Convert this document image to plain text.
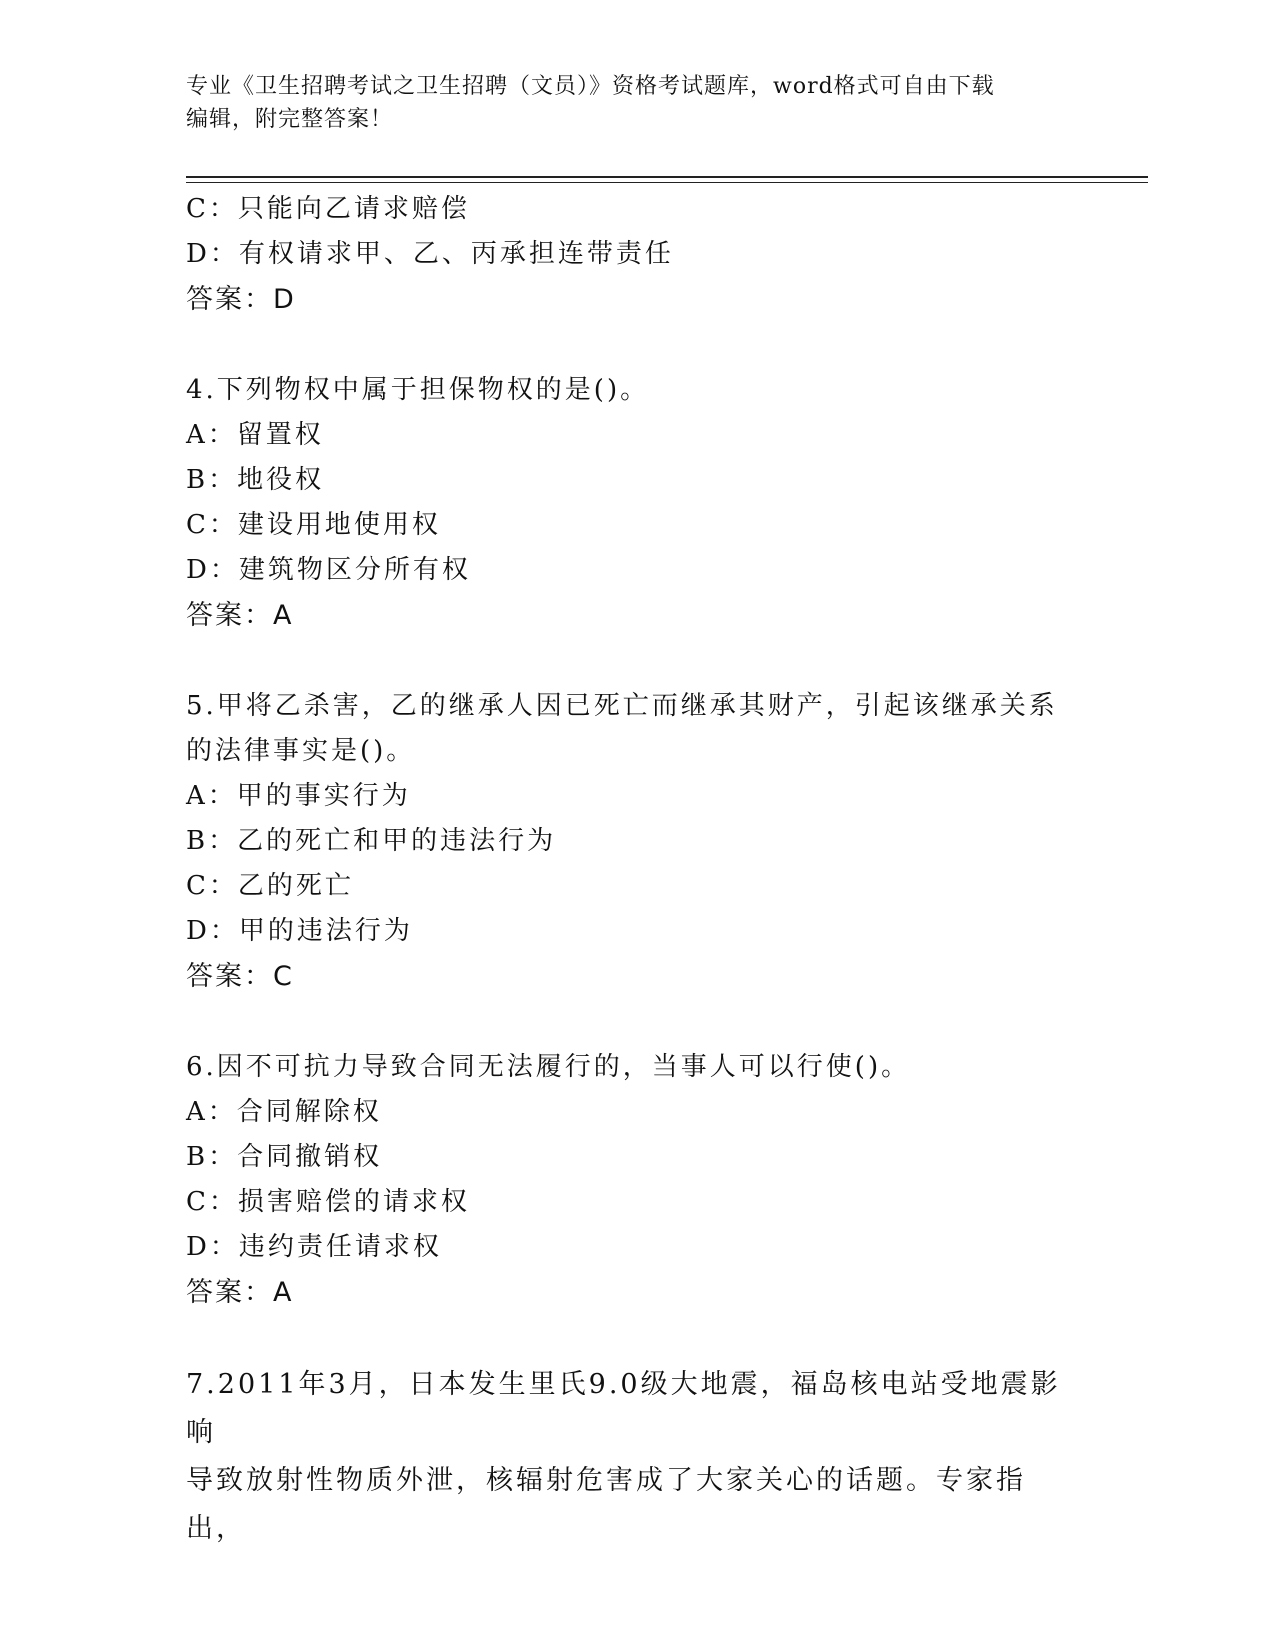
专业《卫生招聘考试之卫生招聘（文员）》资格考试题库，word格式可自由下载
编辑，附完整答案！
C：只能向乙请求赔偿
D：有权请求甲、乙、丙承担连带责任
答案：D
4.下列物权中属于担保物权的是()。
A：留置权
B：地役权
C：建设用地使用权
D：建筑物区分所有权
答案：A
5.甲将乙杀害，乙的继承人因已死亡而继承其财产，引起该继承关系
的法律事实是()。
A：甲的事实行为
B：乙的死亡和甲的违法行为
C：乙的死亡
D：甲的违法行为
答案：C
6.因不可抗力导致合同无法履行的，当事人可以行使()。
A：合同解除权
B：合同撤销权
C：损害赔偿的请求权
D：违约责任请求权
答案：A
7.2011年3月，日本发生里氏9.0级大地震，福岛核电站受地震影响
导致放射性物质外泄，核辐射危害成了大家关心的话题。专家指出，
